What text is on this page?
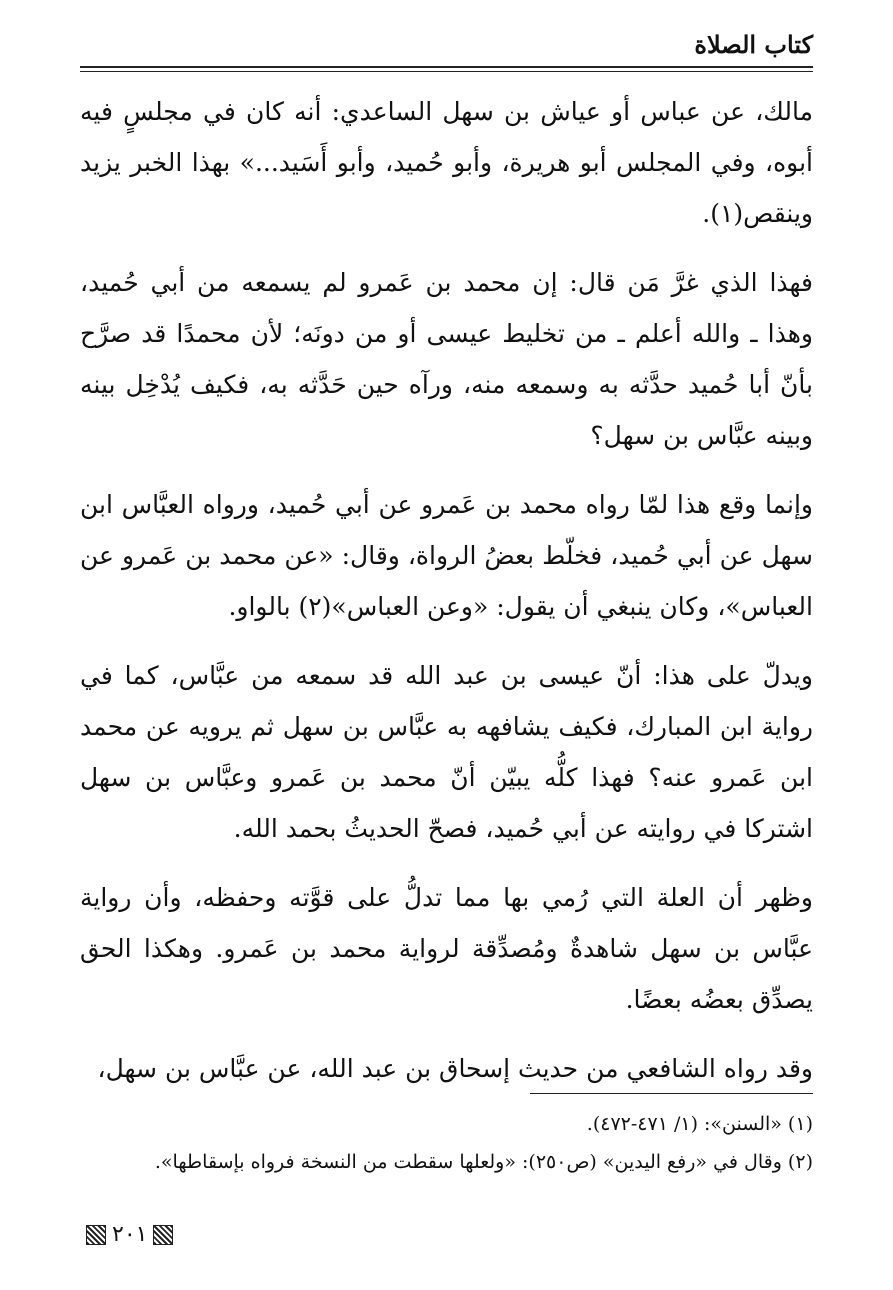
كتاب الصلاة

مالك، عن عباس أو عياش بن سهل الساعدي: أنه كان في مجلسٍ فيه أبوه، وفي المجلس أبو هريرة، وأبو حُميد، وأبو أَسَيد...» بهذا الخبر يزيد وينقص(١).

فهذا الذي غرَّ مَن قال: إن محمد بن عَمرو لم يسمعه من أبي حُميد، وهذا ـ والله أعلم ـ من تخليط عيسى أو من دونَه؛ لأن محمدًا قد صرَّح بأنّ أبا حُميد حدَّثه به وسمعه منه، ورآه حين حَدَّثه به، فكيف يُدْخِل بينه وبينه عبَّاس بن سهل؟

وإنما وقع هذا لمّا رواه محمد بن عَمرو عن أبي حُميد، ورواه العبَّاس ابن سهل عن أبي حُميد، فخلّط بعضُ الرواة، وقال: «عن محمد بن عَمرو عن العباس»، وكان ينبغي أن يقول: «وعن العباس»(٢) بالواو.

ويدلّ على هذا: أنّ عيسى بن عبد الله قد سمعه من عبَّاس، كما في رواية ابن المبارك، فكيف يشافهه به عبَّاس بن سهل ثم يرويه عن محمد ابن عَمرو عنه؟ فهذا كلُّه يبيّن أنّ محمد بن عَمرو وعبَّاس بن سهل اشتركا في روايته عن أبي حُميد، فصحّ الحديثُ بحمد الله.

وظهر أن العلة التي رُمي بها مما تدلُّ على قوَّته وحفظه، وأن رواية عبَّاس بن سهل شاهدةٌ ومُصدِّقة لرواية محمد بن عَمرو. وهكذا الحق يصدِّق بعضُه بعضًا.

وقد رواه الشافعي من حديث إسحاق بن عبد الله، عن عبَّاس بن سهل،

(١) «السنن»: (١/ ٤٧١-٤٧٢).
(٢) وقال في «رفع اليدين» (ص٢٥٠): «ولعلها سقطت من النسخة فرواه بإسقاطها».
٢٠١
